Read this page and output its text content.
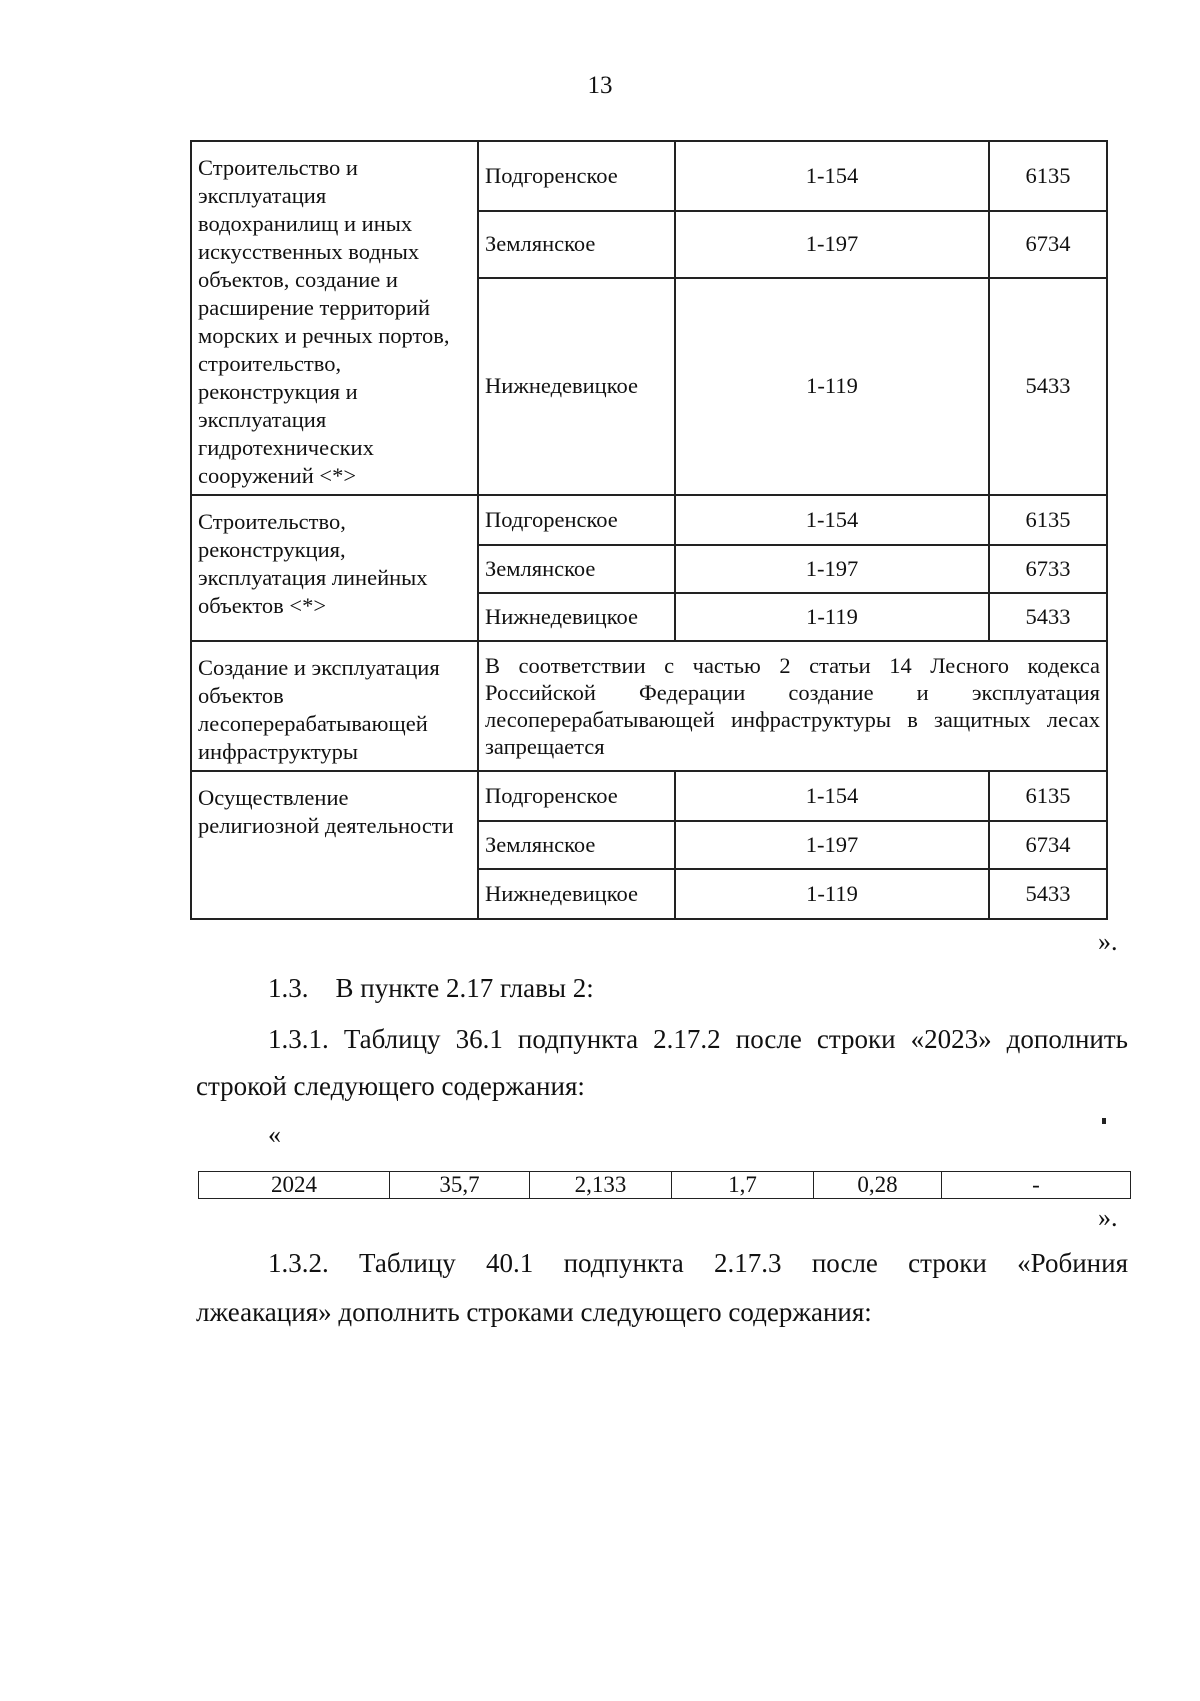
13
Строительство и эксплуатация водохранилищ и иных искусственных водных объектов, создание и расширение территорий морских и речных портов, строительство, реконструкция и эксплуатация гидротехнических сооружений <*>	Подгоренское	1-154	6135
	Землянское	1-197	6734
	Нижнедевицкое	1-119	5433
Строительство, реконструкция, эксплуатация линейных объектов <*>	Подгоренское	1-154	6135
	Землянское	1-197	6733
	Нижнедевицкое	1-119	5433
Создание и эксплуатация объектов лесоперерабатывающей инфраструктуры	В соответствии с частью 2 статьи 14 Лесного кодекса Российской Федерации создание и эксплуатация лесоперерабатывающей инфраструктуры в защитных лесах запрещается		
Осуществление религиозной деятельности	Подгоренское	1-154	6135
	Землянское	1-197	6734
	Нижнедевицкое	1-119	5433
».
1.3.    В пункте 2.17 главы 2:
1.3.1. Таблицу 36.1 подпункта 2.17.2 после строки «2023» дополнить
строкой следующего содержания:
«
2024	35,7	2,133	1,7	0,28	-
».
1.3.2. Таблицу 40.1 подпункта 2.17.3 после строки «Робиния
лжеакация» дополнить строками следующего содержания:
